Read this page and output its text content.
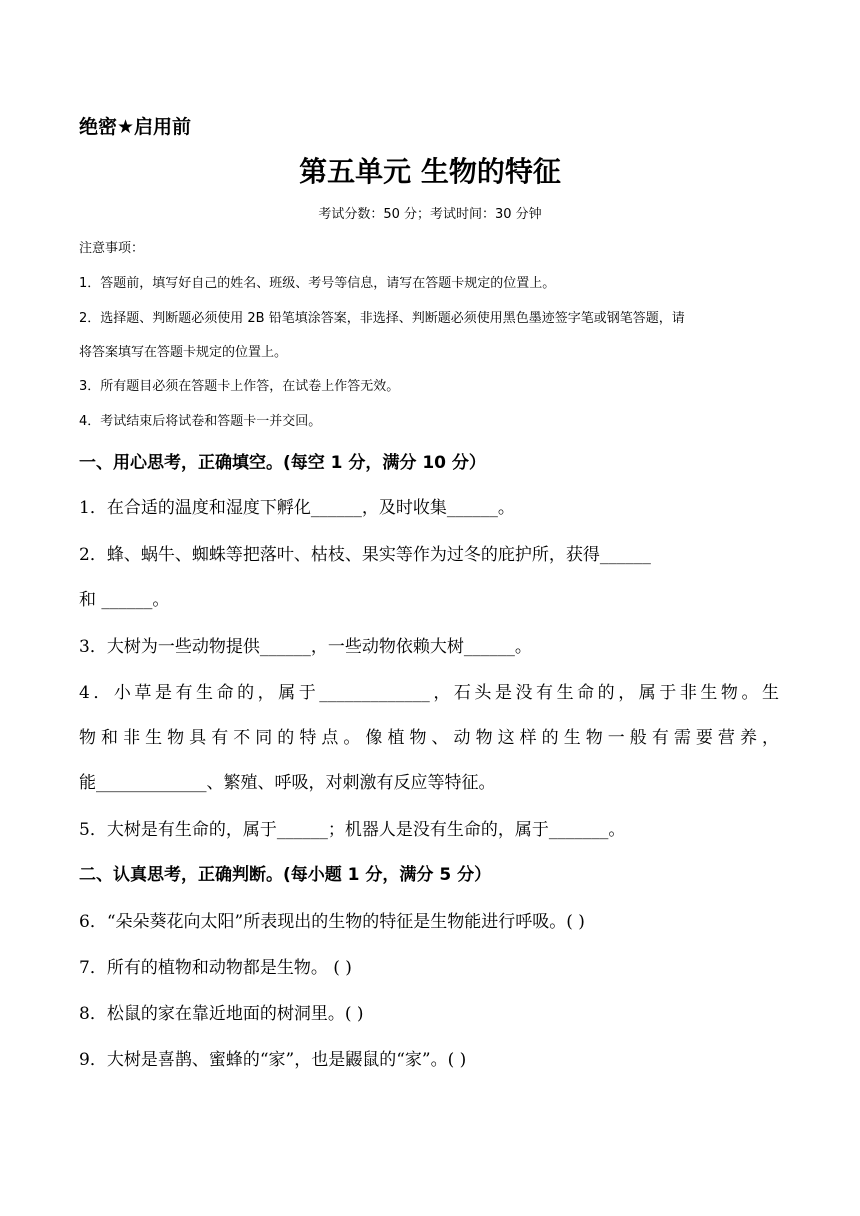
绝密★启用前
第五单元 生物的特征
考试分数：50 分；考试时间：30 分钟
注意事项：
1．答题前，填写好自己的姓名、班级、考号等信息，请写在答题卡规定的位置上。
2．选择题、判断题必须使用 2B 铅笔填涂答案，非选择、判断题必须使用黑色墨迹签字笔或钢笔答题，请
将答案填写在答题卡规定的位置上。
3．所有题目必须在答题卡上作答，在试卷上作答无效。
4．考试结束后将试卷和答题卡一并交回。
一、用心思考，正确填空。(每空 1 分，满分 10 分）
1．在合适的温度和湿度下孵化______，及时收集______。
2．蜂、蜗牛、蜘蛛等把落叶、枯枝、果实等作为过冬的庇护所，获得______
和 ______。
3．大树为一些动物提供______，一些动物依赖大树______。
4．小草是有生命的，属于_____________，石头是没有生命的，属于非生物。生
物和非生物具有不同的特点。像植物、动物这样的生物一般有需要营养，
能_____________、繁殖、呼吸，对刺激有反应等特征。
5．大树是有生命的，属于______；机器人是没有生命的，属于_______。
二、认真思考，正确判断。(每小题 1 分，满分 5 分）
6．“朵朵葵花向太阳”所表现出的生物的特征是生物能进行呼吸。( )
7．所有的植物和动物都是生物。 ( )
8．松鼠的家在靠近地面的树洞里。( )
9．大树是喜鹊、蜜蜂的“家”，也是鼹鼠的“家”。( )
